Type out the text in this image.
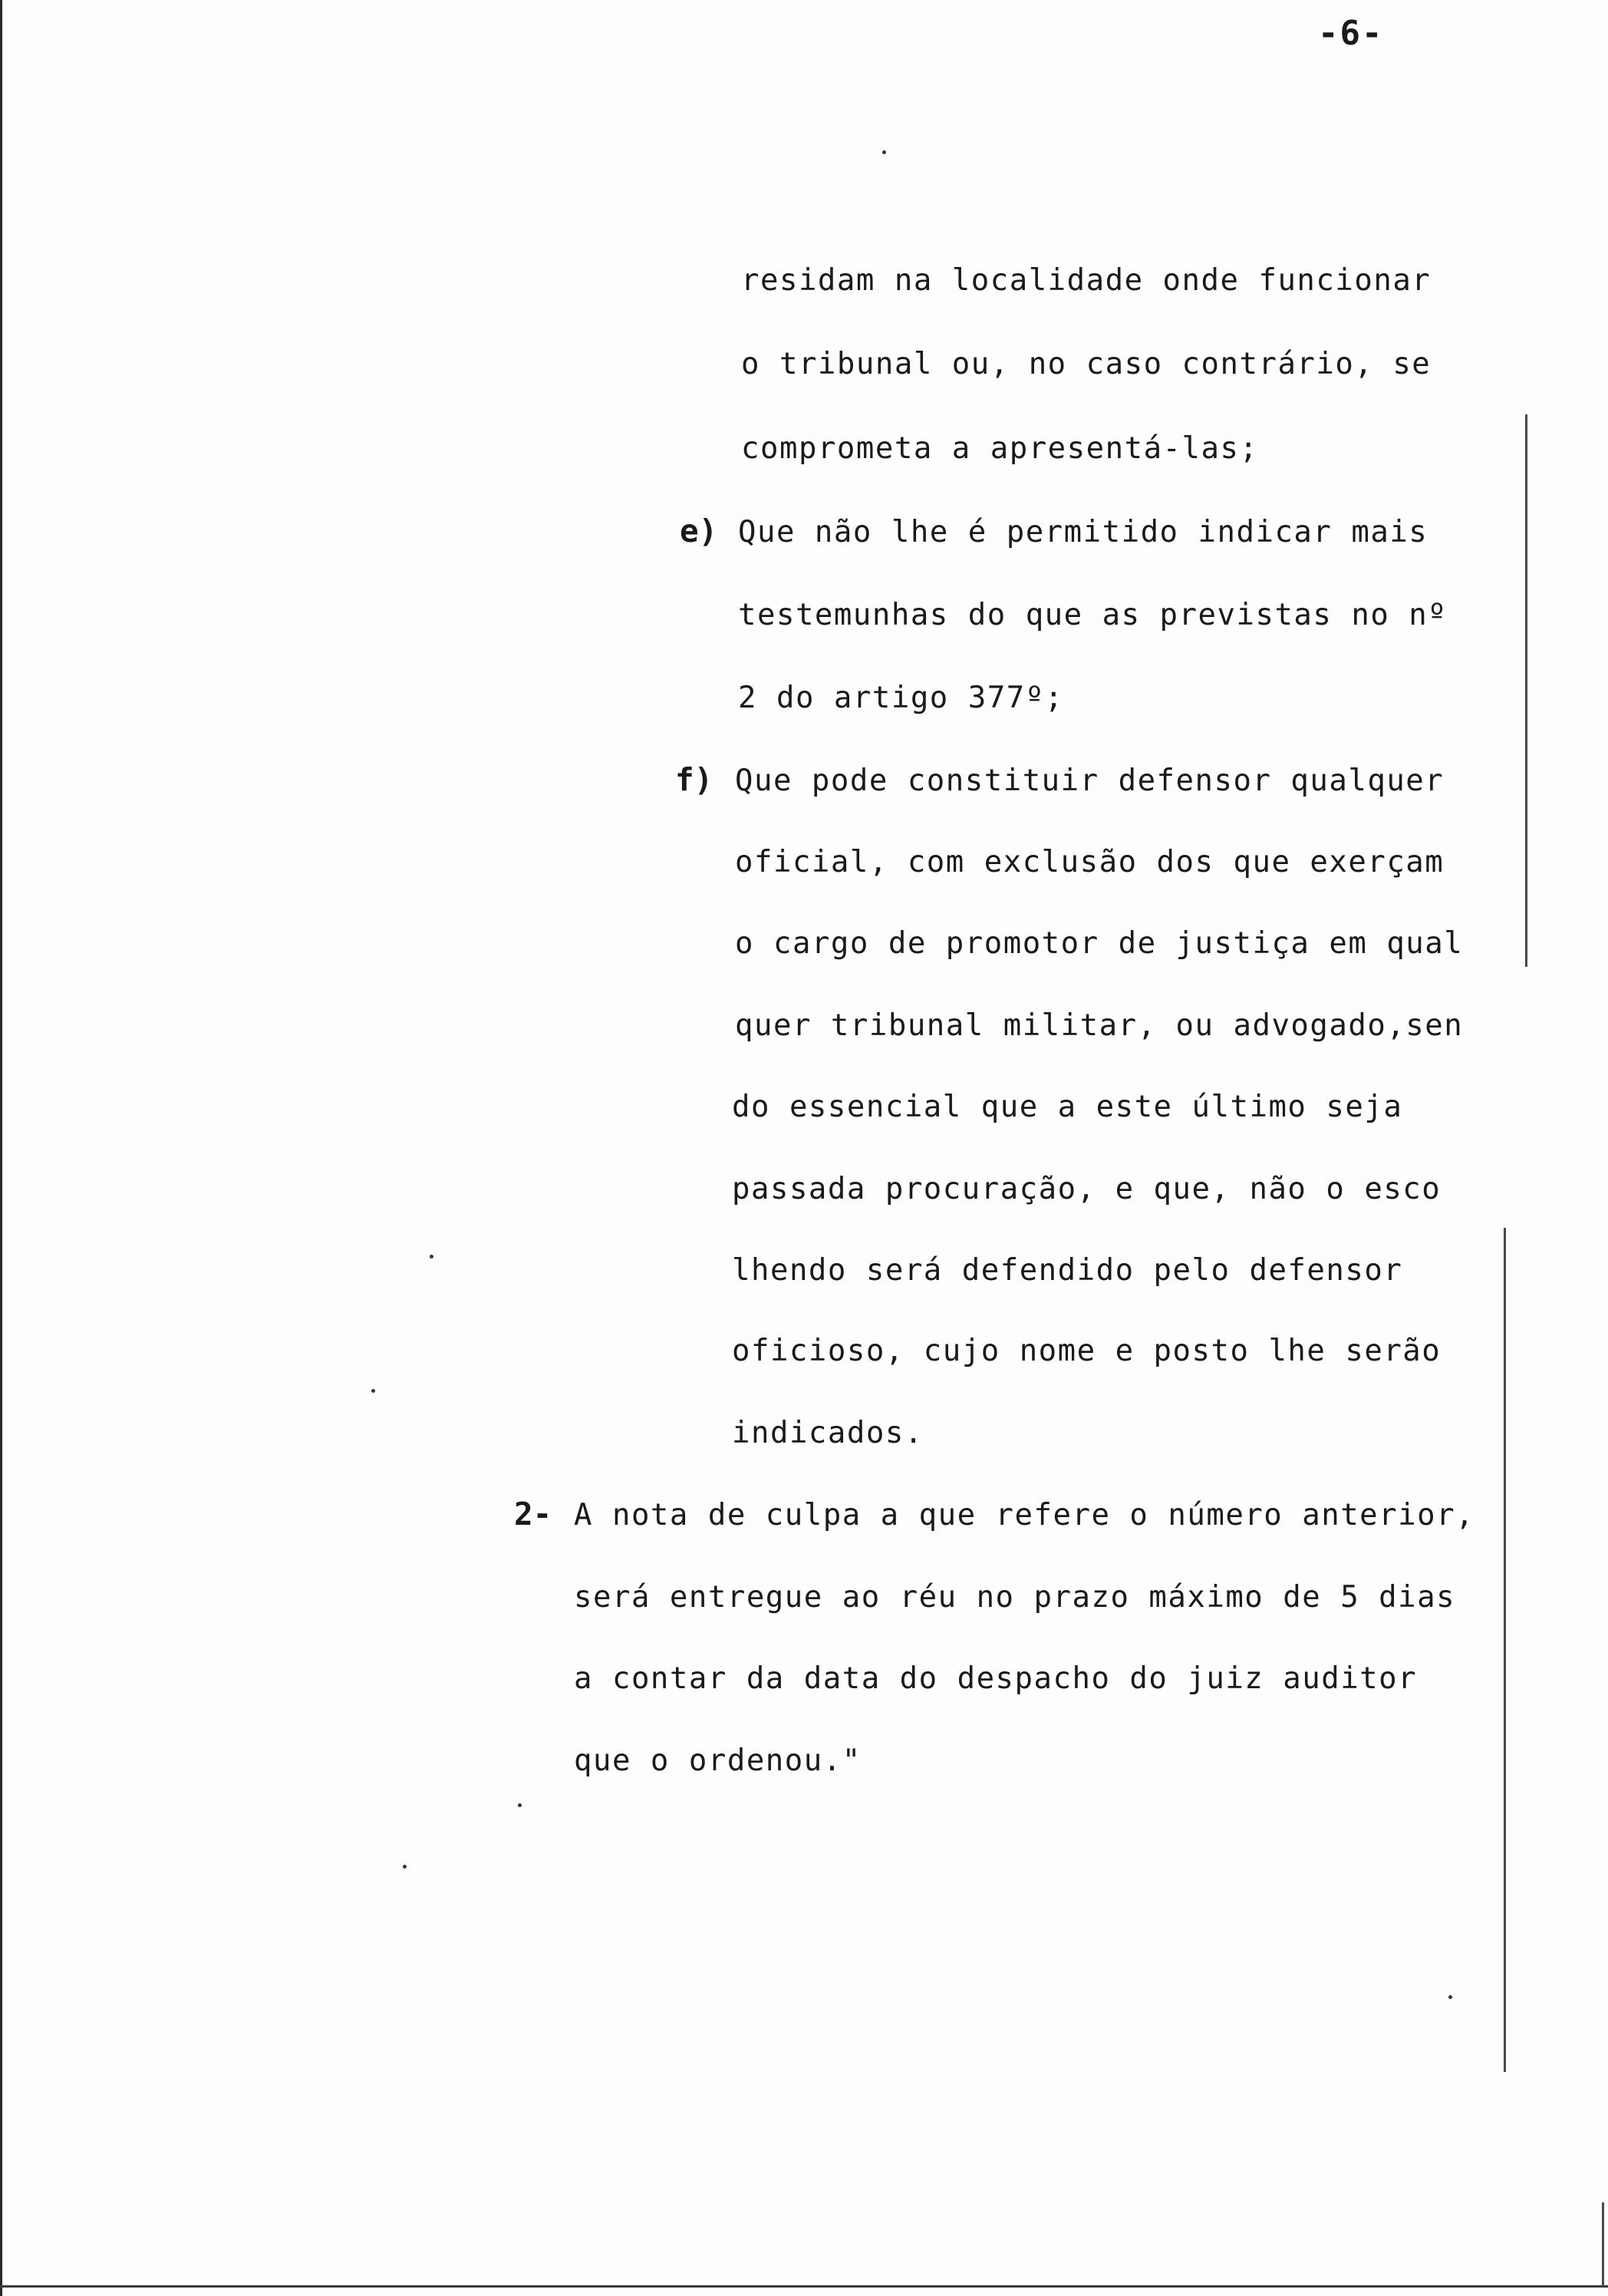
-6-
residam na localidade onde funcionar
o tribunal ou, no caso contrário, se
comprometa a apresentá-las;
e) Que não lhe é permitido indicar mais
testemunhas do que as previstas no nº
2 do artigo 377º;
f) Que pode constituir defensor qualquer
oficial, com exclusão dos que exerçam
o cargo de promotor de justiça em qual
quer tribunal militar, ou advogado,sen
do essencial que a este último seja
passada procuração, e que, não o esco
lhendo será defendido pelo defensor
oficioso, cujo nome e posto lhe serão
indicados.
2- A nota de culpa a que refere o número anterior,
será entregue ao réu no prazo máximo de 5 dias
a contar da data do despacho do juiz auditor
que o ordenou."
